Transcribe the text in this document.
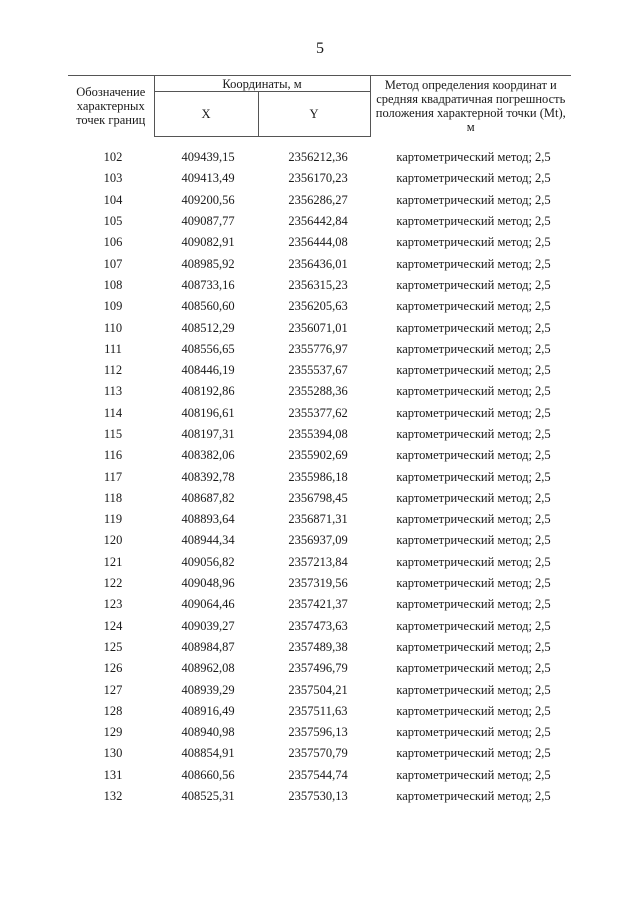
5
Обозначение характерных точек границ	Координаты, м		Метод определения координат и средняя квадратичная погрешность положения характерной точки (Mt), м
	X	Y	
102	409439,15	2356212,36	картометрический метод; 2,5
103	409413,49	2356170,23	картометрический метод; 2,5
104	409200,56	2356286,27	картометрический метод; 2,5
105	409087,77	2356442,84	картометрический метод; 2,5
106	409082,91	2356444,08	картометрический метод; 2,5
107	408985,92	2356436,01	картометрический метод; 2,5
108	408733,16	2356315,23	картометрический метод; 2,5
109	408560,60	2356205,63	картометрический метод; 2,5
110	408512,29	2356071,01	картометрический метод; 2,5
111	408556,65	2355776,97	картометрический метод; 2,5
112	408446,19	2355537,67	картометрический метод; 2,5
113	408192,86	2355288,36	картометрический метод; 2,5
114	408196,61	2355377,62	картометрический метод; 2,5
115	408197,31	2355394,08	картометрический метод; 2,5
116	408382,06	2355902,69	картометрический метод; 2,5
117	408392,78	2355986,18	картометрический метод; 2,5
118	408687,82	2356798,45	картометрический метод; 2,5
119	408893,64	2356871,31	картометрический метод; 2,5
120	408944,34	2356937,09	картометрический метод; 2,5
121	409056,82	2357213,84	картометрический метод; 2,5
122	409048,96	2357319,56	картометрический метод; 2,5
123	409064,46	2357421,37	картометрический метод; 2,5
124	409039,27	2357473,63	картометрический метод; 2,5
125	408984,87	2357489,38	картометрический метод; 2,5
126	408962,08	2357496,79	картометрический метод; 2,5
127	408939,29	2357504,21	картометрический метод; 2,5
128	408916,49	2357511,63	картометрический метод; 2,5
129	408940,98	2357596,13	картометрический метод; 2,5
130	408854,91	2357570,79	картометрический метод; 2,5
131	408660,56	2357544,74	картометрический метод; 2,5
132	408525,31	2357530,13	картометрический метод; 2,5
